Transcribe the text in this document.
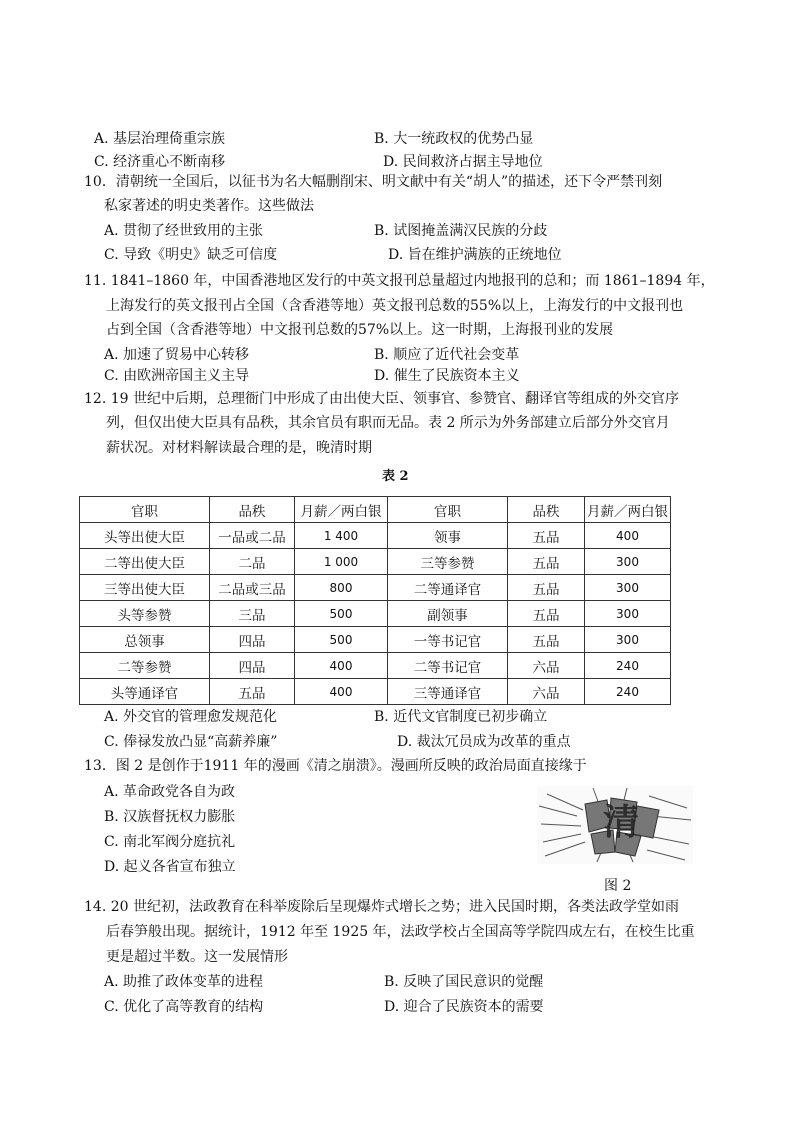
A. 基层治理倚重宗族	B. 大一统政权的优势凸显
C. 经济重心不断南移	D. 民间救济占据主导地位
10．清朝统一全国后，以征书为名大幅删削宋、明文献中有关“胡人”的描述，还下令严禁刊刻
私家著述的明史类著作。这些做法
A. 贯彻了经世致用的主张	B. 试图掩盖满汉民族的分歧
C. 导致《明史》缺乏可信度	D. 旨在维护满族的正统地位
11. 1841–1860 年，中国香港地区发行的中英文报刊总量超过内地报刊的总和；而 1861–1894 年，
上海发行的英文报刊占全国（含香港等地）英文报刊总数的55%以上，上海发行的中文报刊也
占到全国（含香港等地）中文报刊总数的57%以上。这一时期，上海报刊业的发展
A. 加速了贸易中心转移	B. 顺应了近代社会变革
C. 由欧洲帝国主义主导	D. 催生了民族资本主义
12. 19 世纪中后期，总理衙门中形成了由出使大臣、领事官、参赞官、翻译官等组成的外交官序
列，但仅出使大臣具有品秩，其余官员有职而无品。表 2 所示为外务部建立后部分外交官月
薪状况。对材料解读最合理的是，晚清时期
表 2
官职	品秩	月薪／两白银	官职	品秩	月薪／两白银
头等出使大臣	一品或二品	1 400	领事	五品	400
二等出使大臣	二品	1 000	三等参赞	五品	300
三等出使大臣	二品或三品	800	二等通译官	五品	300
头等参赞	三品	500	副领事	五品	300
总领事	四品	500	一等书记官	五品	300
二等参赞	四品	400	二等书记官	六品	240
头等通译官	五品	400	三等通译官	六品	240
A. 外交官的管理愈发规范化	B. 近代文官制度已初步确立
C. 俸禄发放凸显“高薪养廉”	D. 裁汰冗员成为改革的重点
13．图 2 是创作于1911 年的漫画《清之崩溃》。漫画所反映的政治局面直接缘于
A. 革命政党各自为政
B. 汉族督抚权力膨胀
C. 南北军阀分庭抗礼
D. 起义各省宣布独立
清
图 2
14. 20 世纪初，法政教育在科举废除后呈现爆炸式增长之势；进入民国时期，各类法政学堂如雨
后春笋般出现。据统计，1912 年至 1925 年，法政学校占全国高等学院四成左右，在校生比重
更是超过半数。这一发展情形
A. 助推了政体变革的进程	B. 反映了国民意识的觉醒
C. 优化了高等教育的结构	D. 迎合了民族资本的需要
